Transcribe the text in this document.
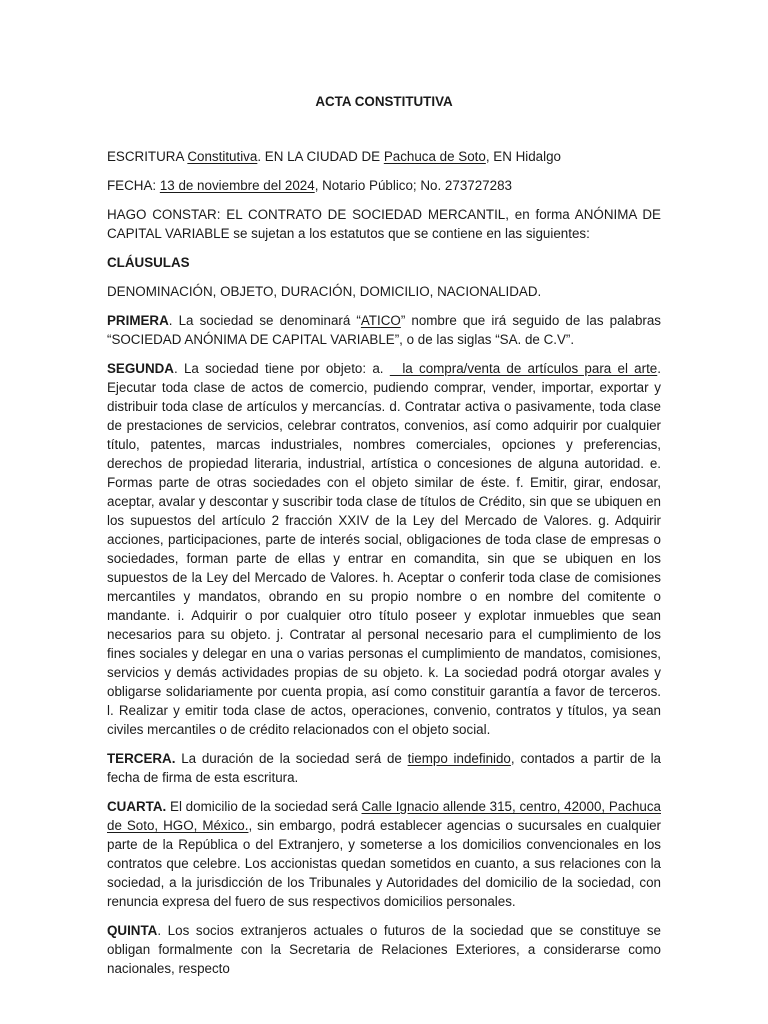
ACTA CONSTITUTIVA

ESCRITURA Constitutiva. EN LA CIUDAD DE Pachuca de Soto, EN Hidalgo

FECHA: 13 de noviembre del 2024, Notario Público; No. 273727283

HAGO CONSTAR: EL CONTRATO DE SOCIEDAD MERCANTIL, en forma ANÓNIMA DE CAPITAL VARIABLE se sujetan a los estatutos que se contiene en las siguientes:

CLÁUSULAS

DENOMINACIÓN, OBJETO, DURACIÓN, DOMICILIO, NACIONALIDAD.

PRIMERA. La sociedad se denominará “ATICO” nombre que irá seguido de las palabras “SOCIEDAD ANÓNIMA DE CAPITAL VARIABLE”, o de las siglas “SA. de C.V”.

SEGUNDA. La sociedad tiene por objeto: a.   la compra/venta de artículos para el arte. Ejecutar toda clase de actos de comercio, pudiendo comprar, vender, importar, exportar y distribuir toda clase de artículos y mercancías. d. Contratar activa o pasivamente, toda clase de prestaciones de servicios, celebrar contratos, convenios, así como adquirir por cualquier título, patentes, marcas industriales, nombres comerciales, opciones y preferencias, derechos de propiedad literaria, industrial, artística o concesiones de alguna autoridad. e. Formas parte de otras sociedades con el objeto similar de éste. f. Emitir, girar, endosar, aceptar, avalar y descontar y suscribir toda clase de títulos de Crédito, sin que se ubiquen en los supuestos del artículo 2 fracción XXIV de la Ley del Mercado de Valores. g. Adquirir acciones, participaciones, parte de interés social, obligaciones de toda clase de empresas o sociedades, forman parte de ellas y entrar en comandita, sin que se ubiquen en los supuestos de la Ley del Mercado de Valores. h. Aceptar o conferir toda clase de comisiones mercantiles y mandatos, obrando en su propio nombre o en nombre del comitente o mandante. i. Adquirir o por cualquier otro título poseer y explotar inmuebles que sean necesarios para su objeto. j. Contratar al personal necesario para el cumplimiento de los fines sociales y delegar en una o varias personas el cumplimiento de mandatos, comisiones, servicios y demás actividades propias de su objeto. k. La sociedad podrá otorgar avales y obligarse solidariamente por cuenta propia, así como constituir garantía a favor de terceros. l. Realizar y emitir toda clase de actos, operaciones, convenio, contratos y títulos, ya sean civiles mercantiles o de crédito relacionados con el objeto social.

TERCERA. La duración de la sociedad será de tiempo indefinido, contados a partir de la fecha de firma de esta escritura.

CUARTA. El domicilio de la sociedad será Calle Ignacio allende 315, centro, 42000, Pachuca de Soto, HGO, México., sin embargo, podrá establecer agencias o sucursales en cualquier parte de la República o del Extranjero, y someterse a los domicilios convencionales en los contratos que celebre. Los accionistas quedan sometidos en cuanto, a sus relaciones con la sociedad, a la jurisdicción de los Tribunales y Autoridades del domicilio de la sociedad, con renuncia expresa del fuero de sus respectivos domicilios personales.

QUINTA. Los socios extranjeros actuales o futuros de la sociedad que se constituye se obligan formalmente con la Secretaria de Relaciones Exteriores, a considerarse como nacionales, respecto
